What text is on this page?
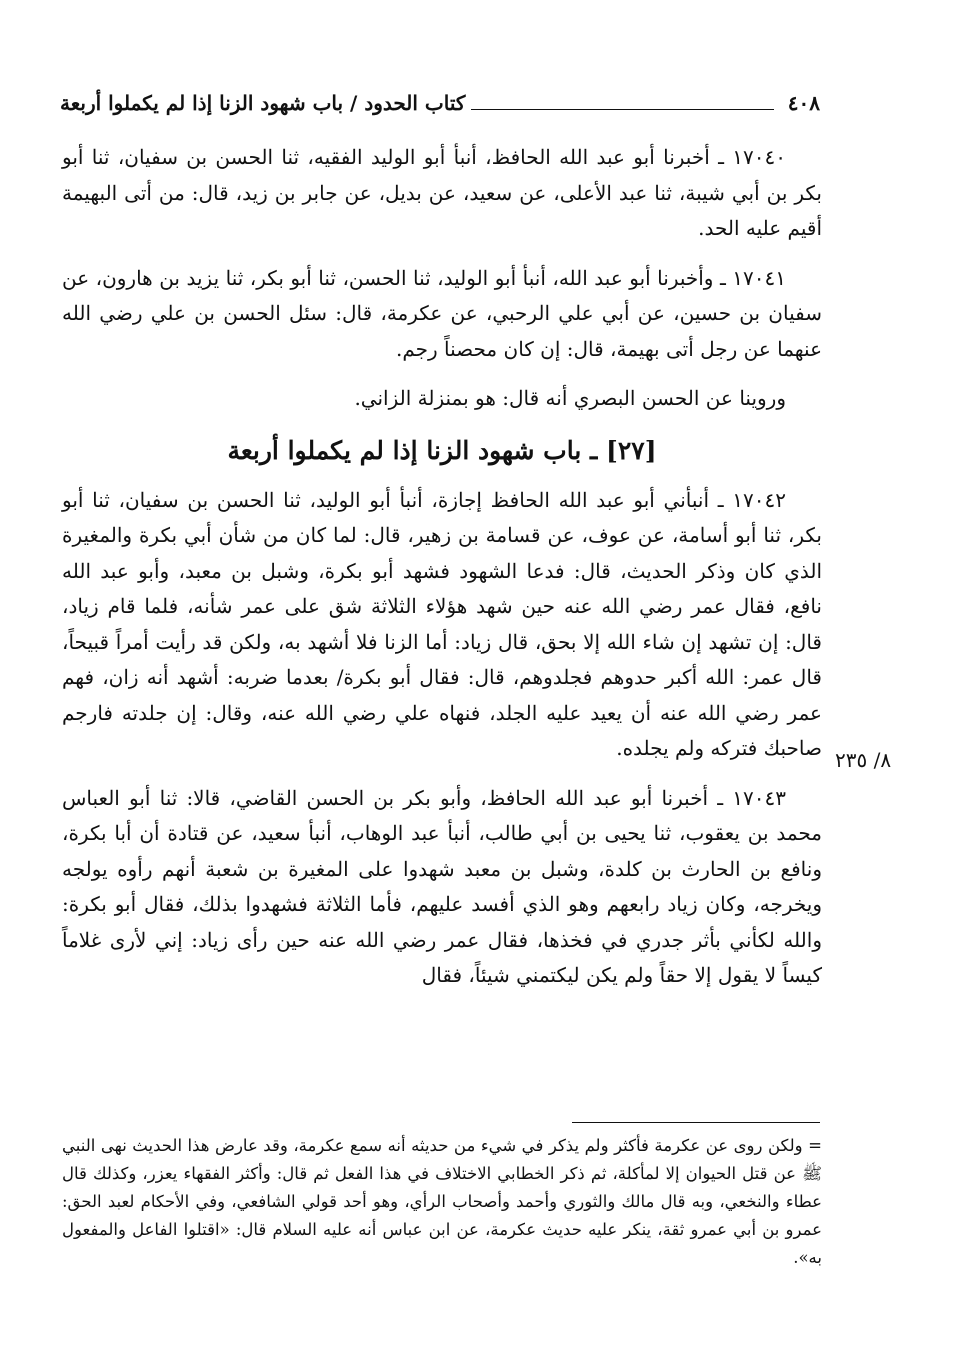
٤٠٨
كتاب الحدود / باب شهود الزنا إذا لم يكملوا أربعة

١٧٠٤٠ ـ أخبرنا أبو عبد الله الحافظ، أنبأ أبو الوليد الفقيه، ثنا الحسن بن سفيان، ثنا أبو بكر بن أبي شيبة، ثنا عبد الأعلى، عن سعيد، عن بديل، عن جابر بن زيد، قال: من أتى البهيمة أقيم عليه الحد.

١٧٠٤١ ـ وأخبرنا أبو عبد الله، أنبأ أبو الوليد، ثنا الحسن، ثنا أبو بكر، ثنا يزيد بن هارون، عن سفيان بن حسين، عن أبي علي الرحبي، عن عكرمة، قال: سئل الحسن بن علي رضي الله عنهما عن رجل أتى بهيمة، قال: إن كان محصناً رجم.

وروينا عن الحسن البصري أنه قال: هو بمنزلة الزاني.

[٢٧] ـ باب شهود الزنا إذا لم يكملوا أربعة

١٧٠٤٢ ـ أنبأني أبو عبد الله الحافظ إجازة، أنبأ أبو الوليد، ثنا الحسن بن سفيان، ثنا أبو بكر، ثنا أبو أسامة، عن عوف، عن قسامة بن زهير، قال: لما كان من شأن أبي بكرة والمغيرة الذي كان وذكر الحديث، قال: فدعا الشهود فشهد أبو بكرة، وشبل بن معبد، وأبو عبد الله نافع، فقال عمر رضي الله عنه حين شهد هؤلاء الثلاثة شق على عمر شأنه، فلما قام زياد، قال: إن تشهد إن شاء الله إلا بحق، قال زياد: أما الزنا فلا أشهد به، ولكن قد رأيت أمراً قبيحاً، قال عمر: الله أكبر حدوهم فجلدوهم، قال: فقال أبو بكرة/ بعدما ضربه: أشهد أنه زان، فهم عمر رضي الله عنه أن يعيد عليه الجلد، فنهاه علي رضي الله عنه، وقال: إن جلدته فارجم صاحبك فتركه ولم يجلده.

١٧٠٤٣ ـ أخبرنا أبو عبد الله الحافظ، وأبو بكر بن الحسن القاضي، قالا: ثنا أبو العباس محمد بن يعقوب، ثنا يحيى بن أبي طالب، أنبأ عبد الوهاب، أنبأ سعيد، عن قتادة أن أبا بكرة، ونافع بن الحارث بن كلدة، وشبل بن معبد شهدوا على المغيرة بن شعبة أنهم رأوه يولجه ويخرجه، وكان زياد رابعهم وهو الذي أفسد عليهم، فأما الثلاثة فشهدوا بذلك، فقال أبو بكرة: والله لكأني بأثر جدري في فخذها، فقال عمر رضي الله عنه حين رأى زياد: إني لأرى غلاماً كيساً لا يقول إلا حقاً ولم يكن ليكتمني شيئاً، فقال

٨/ ٢٣٥
= ولكن روى عن عكرمة فأكثر ولم يذكر في شيء من حديثه أنه سمع عكرمة، وقد عارض هذا الحديث نهى النبي ﷺ عن قتل الحيوان إلا لمأكلة، ثم ذكر الخطابي الاختلاف في هذا الفعل ثم قال: وأكثر الفقهاء يعزر، وكذلك قال عطاء والنخعي، وبه قال مالك والثوري وأحمد وأصحاب الرأي، وهو أحد قولي الشافعي، وفي الأحكام لعبد الحق: عمرو بن أبي عمرو ثقة، ينكر عليه حديث عكرمة، عن ابن عباس أنه عليه السلام قال: «اقتلوا الفاعل والمفعول به».
